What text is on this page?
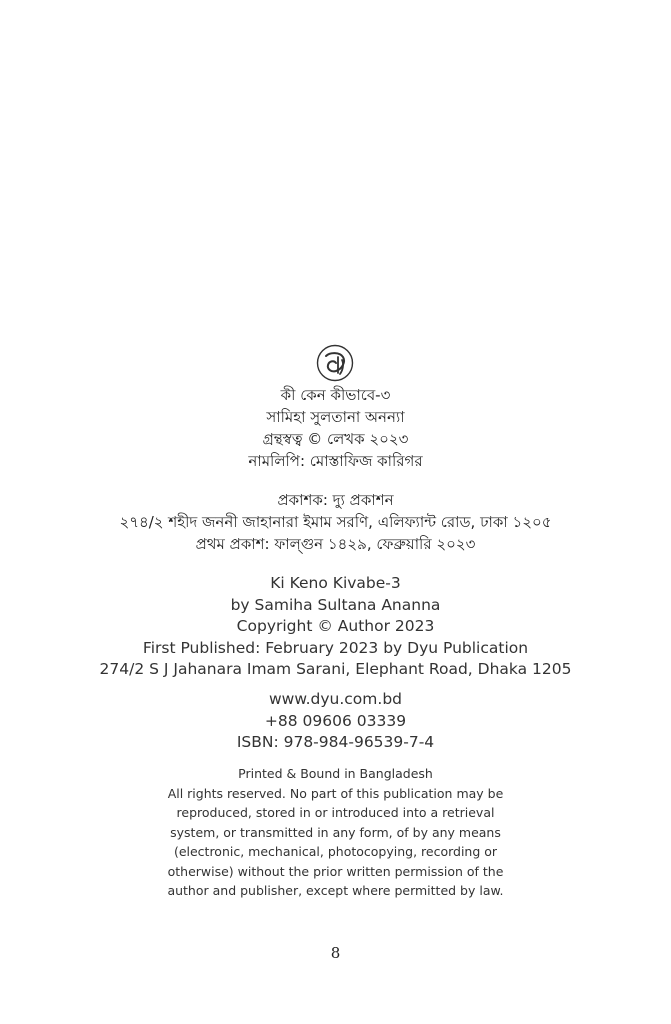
কী কেন কীভাবে-৩
সামিহা সুলতানা অনন্যা
গ্রন্থস্বত্ব © লেখক ২০২৩
নামলিপি: মোস্তাফিজ কারিগর
প্রকাশক: দ্যু প্রকাশন
২৭৪/২ শহীদ জননী জাহানারা ইমাম সরণি, এলিফ্যান্ট রোড, ঢাকা ১২০৫
প্রথম প্রকাশ: ফাল্গুন ১৪২৯, ফেব্রুয়ারি ২০২৩
Ki Keno Kivabe-3
by Samiha Sultana Ananna
Copyright © Author 2023
First Published: February 2023 by Dyu Publication
274/2 S J Jahanara Imam Sarani, Elephant Road, Dhaka 1205
www.dyu.com.bd
+88 09606 03339
ISBN: 978-984-96539-7-4
Printed & Bound in Bangladesh
All rights reserved. No part of this publication may be
reproduced, stored in or introduced into a retrieval
system, or transmitted in any form, of by any means
(electronic, mechanical, photocopying, recording or
otherwise) without the prior written permission of the
author and publisher, except where permitted by law.
8
